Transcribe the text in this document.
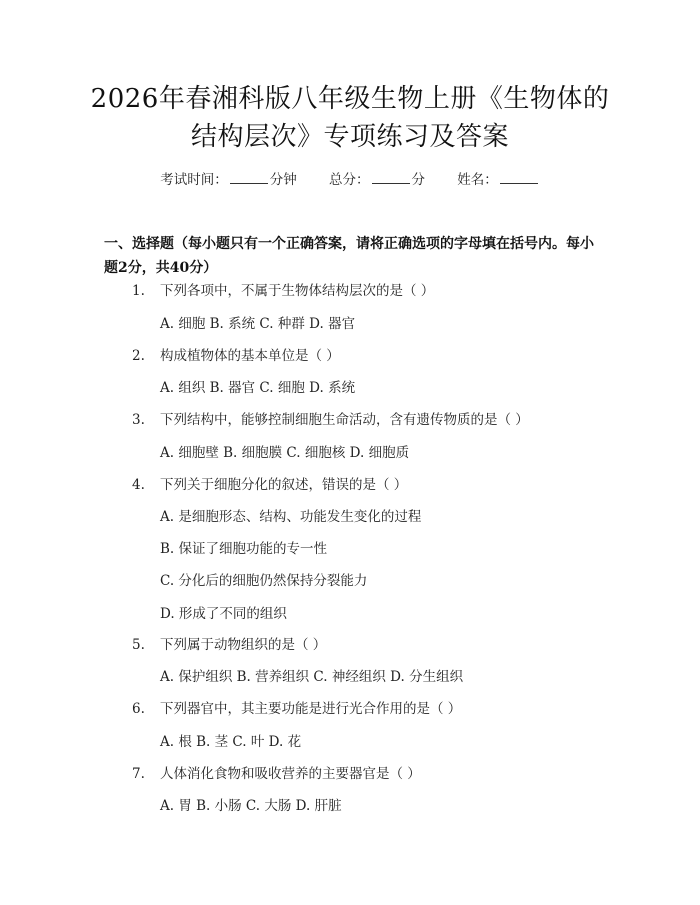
2026年春湘科版八年级生物上册《生物体的
结构层次》专项练习及答案
考试时间：	分钟 总分：	分 姓名：
一、选择题（每小题只有一个正确答案，请将正确选项的字母填在括号内。每小题2分，共40分）
1. 下列各项中，不属于生物体结构层次的是（ ）
A. 细胞 B. 系统 C. 种群 D. 器官
2. 构成植物体的基本单位是（ ）
A. 组织 B. 器官 C. 细胞 D. 系统
3. 下列结构中，能够控制细胞生命活动，含有遗传物质的是（ ）
A. 细胞壁 B. 细胞膜 C. 细胞核 D. 细胞质
4. 下列关于细胞分化的叙述，错误的是（ ）
A. 是细胞形态、结构、功能发生变化的过程
B. 保证了细胞功能的专一性
C. 分化后的细胞仍然保持分裂能力
D. 形成了不同的组织
5. 下列属于动物组织的是（ ）
A. 保护组织 B. 营养组织 C. 神经组织 D. 分生组织
6. 下列器官中，其主要功能是进行光合作用的是（ ）
A. 根 B. 茎 C. 叶 D. 花
7. 人体消化食物和吸收营养的主要器官是（ ）
A. 胃 B. 小肠 C. 大肠 D. 肝脏
